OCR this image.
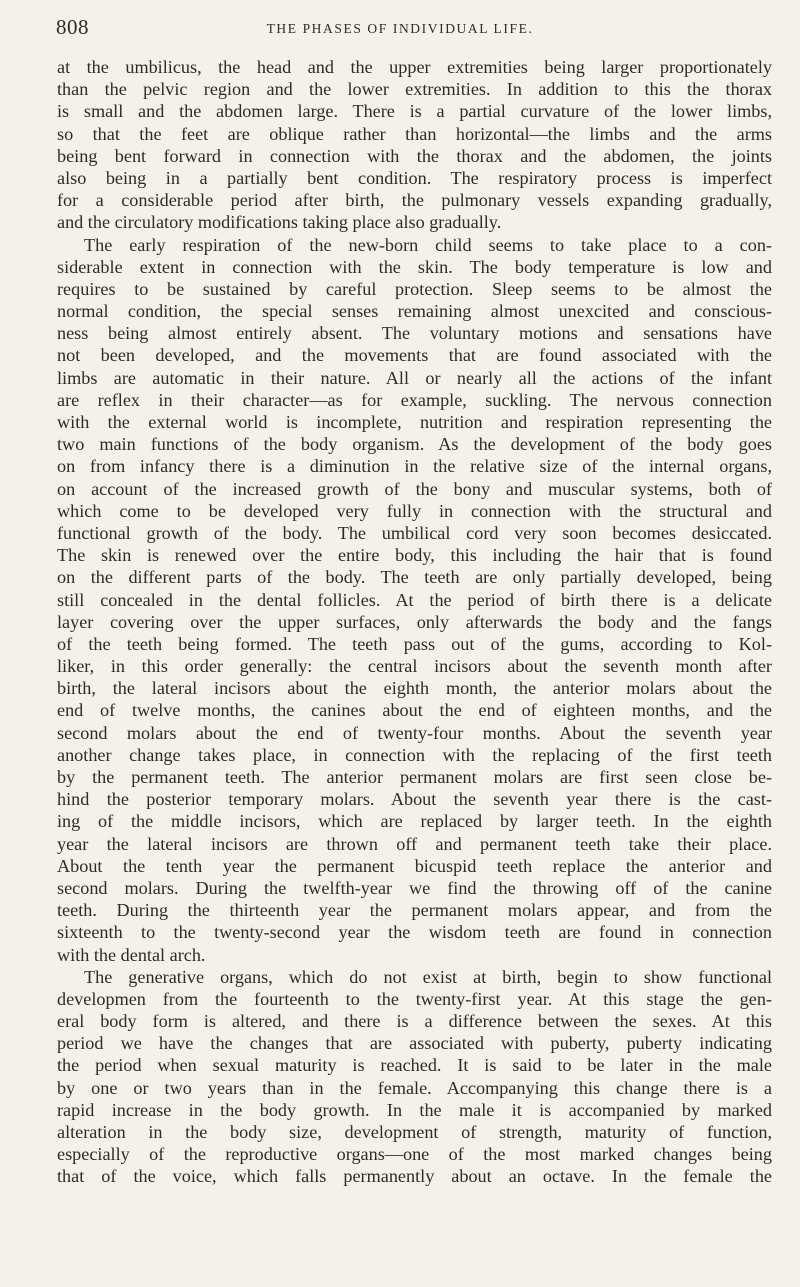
808	THE PHASES OF INDIVIDUAL LIFE.
at the umbilicus, the head and the upper extremities being larger proportionately
than the pelvic region and the lower extremities. In addition to this the thorax
is small and the abdomen large. There is a partial curvature of the lower limbs,
so that the feet are oblique rather than horizontal—the limbs and the arms
being bent forward in connection with the thorax and the abdomen, the joints
also being in a partially bent condition. The respiratory process is imperfect
for a considerable period after birth, the pulmonary vessels expanding gradually,
and the circulatory modifications taking place also gradually.
The early respiration of the new-born child seems to take place to a con-
siderable extent in connection with the skin. The body temperature is low and
requires to be sustained by careful protection. Sleep seems to be almost the
normal condition, the special senses remaining almost unexcited and conscious-
ness being almost entirely absent. The voluntary motions and sensations have
not been developed, and the movements that are found associated with the
limbs are automatic in their nature. All or nearly all the actions of the infant
are reflex in their character—as for example, suckling. The nervous connection
with the external world is incomplete, nutrition and respiration representing the
two main functions of the body organism. As the development of the body goes
on from infancy there is a diminution in the relative size of the internal organs,
on account of the increased growth of the bony and muscular systems, both of
which come to be developed very fully in connection with the structural and
functional growth of the body. The umbilical cord very soon becomes desiccated.
The skin is renewed over the entire body, this including the hair that is found
on the different parts of the body. The teeth are only partially developed, being
still concealed in the dental follicles. At the period of birth there is a delicate
layer covering over the upper surfaces, only afterwards the body and the fangs
of the teeth being formed. The teeth pass out of the gums, according to Kol-
liker, in this order generally: the central incisors about the seventh month after
birth, the lateral incisors about the eighth month, the anterior molars about the
end of twelve months, the canines about the end of eighteen months, and the
second molars about the end of twenty-four months. About the seventh year
another change takes place, in connection with the replacing of the first teeth
by the permanent teeth. The anterior permanent molars are first seen close be-
hind the posterior temporary molars. About the seventh year there is the cast-
ing of the middle incisors, which are replaced by larger teeth. In the eighth
year the lateral incisors are thrown off and permanent teeth take their place.
About the tenth year the permanent bicuspid teeth replace the anterior and
second molars. During the twelfth-year we find the throwing off of the canine
teeth. During the thirteenth year the permanent molars appear, and from the
sixteenth to the twenty-second year the wisdom teeth are found in connection
with the dental arch.
The generative organs, which do not exist at birth, begin to show functional
developmen from the fourteenth to the twenty-first year. At this stage the gen-
eral body form is altered, and there is a difference between the sexes. At this
period we have the changes that are associated with puberty, puberty indicating
the period when sexual maturity is reached. It is said to be later in the male
by one or two years than in the female. Accompanying this change there is a
rapid increase in the body growth. In the male it is accompanied by marked
alteration in the body size, development of strength, maturity of function,
especially of the reproductive organs—one of the most marked changes being
that of the voice, which falls permanently about an octave. In the female the
